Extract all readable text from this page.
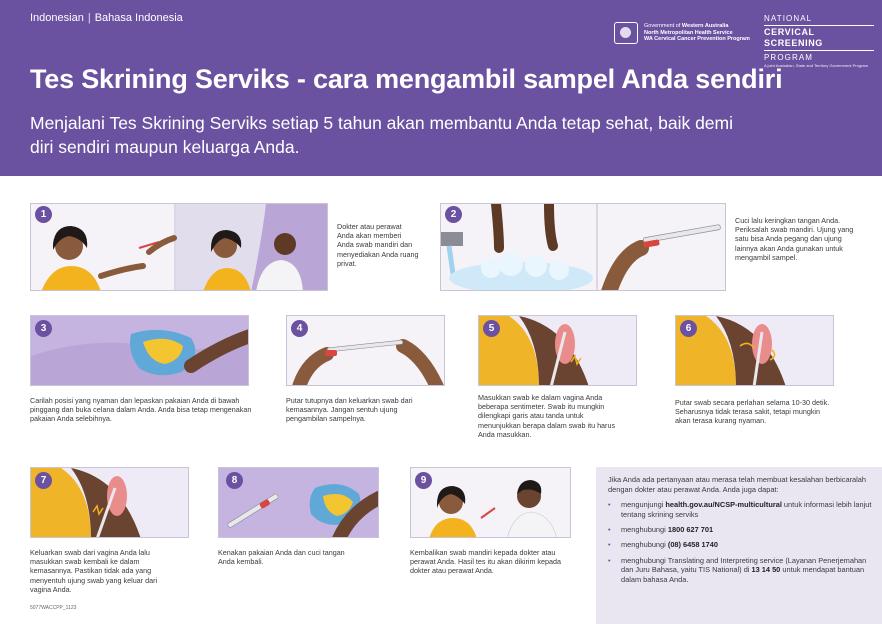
Indonesian | Bahasa Indonesia
Government of Western Australia
North Metropolitan Health Service
WA Cervical Cancer Prevention Program
NATIONAL
CERVICAL SCREENING
PROGRAM
A joint Australian, State and Territory Government Program
Tes Skrining Serviks - cara mengambil sampel Anda sendiri
Menjalani Tes Skrining Serviks setiap 5 tahun akan membantu Anda tetap sehat, baik demi diri sendiri maupun keluarga Anda.
1
Dokter atau perawat Anda akan memberi Anda swab mandiri dan menyediakan Anda ruang privat.
2
Cuci lalu keringkan tangan Anda. Periksalah swab mandiri. Ujung yang satu bisa Anda pegang dan ujung lainnya akan Anda gunakan untuk mengambil sampel.
3
Carilah posisi yang nyaman dan lepaskan pakaian Anda di bawah pinggang dan buka celana dalam Anda. Anda bisa tetap mengenakan pakaian Anda selebihnya.
4
Putar tutupnya dan keluarkan swab dari kemasannya. Jangan sentuh ujung pengambilan sampelnya.
5
Masukkan swab ke dalam vagina Anda beberapa sentimeter. Swab itu mungkin dilengkapi garis atau tanda untuk menunjukkan berapa dalam swab itu harus Anda masukkan.
6
Putar swab secara perlahan selama 10-30 detik. Seharusnya tidak terasa sakit, tetapi mungkin akan terasa kurang nyaman.
7
Keluarkan swab dari vagina Anda lalu masukkan swab kembali ke dalam kemasannya. Pastikan tidak ada yang menyentuh ujung swab yang keluar dari vagina Anda.
8
Kenakan pakaian Anda dan cuci tangan Anda kembali.
9
Kembalikan swab mandiri kepada dokter atau perawat Anda. Hasil tes itu akan dikirim kepada dokter atau perawat Anda.
Jika Anda ada pertanyaan atau merasa telah membuat kesalahan berbicaralah dengan dokter atau perawat Anda. Anda juga dapat:
• mengunjungi health.gov.au/NCSP-multicultural untuk informasi lebih lanjut tentang skrining serviks
• menghubungi 1800 627 701
• menghubungi (08) 6458 1740
• menghubungi Translating and Interpreting service (Layanan Penerjemahan dan Juru Bahasa, yaitu TIS National) di 13 14 50 untuk mendapat bantuan dalam bahasa Anda.
5077WACCPP_1123
